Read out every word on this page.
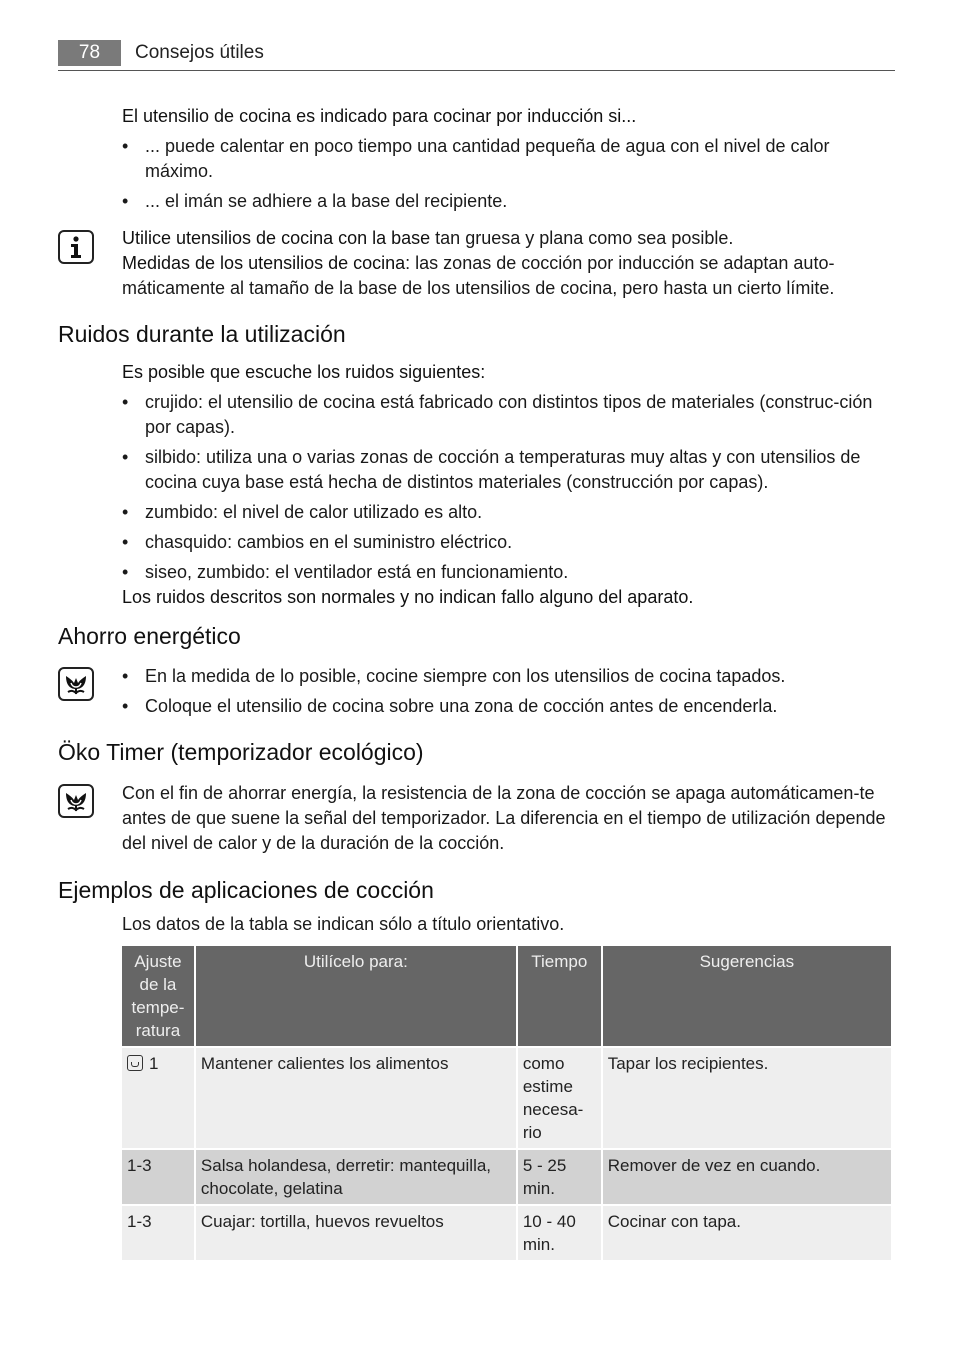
78	Consejos útiles
El utensilio de cocina es indicado para cocinar por inducción si...
• ... puede calentar en poco tiempo una cantidad pequeña de agua con el nivel de calor máximo.
• ... el imán se adhiere a la base del recipiente.
Utilice utensilios de cocina con la base tan gruesa y plana como sea posible.
Medidas de los utensilios de cocina: las zonas de cocción por inducción se adaptan auto-máticamente al tamaño de la base de los utensilios de cocina, pero hasta un cierto límite.
Ruidos durante la utilización
Es posible que escuche los ruidos siguientes:
• crujido: el utensilio de cocina está fabricado con distintos tipos de materiales (construc-ción por capas).
• silbido: utiliza una o varias zonas de cocción a temperaturas muy altas y con utensilios de cocina cuya base está hecha de distintos materiales (construcción por capas).
• zumbido: el nivel de calor utilizado es alto.
• chasquido: cambios en el suministro eléctrico.
• siseo, zumbido: el ventilador está en funcionamiento.
Los ruidos descritos son normales y no indican fallo alguno del aparato.
Ahorro energético
• En la medida de lo posible, cocine siempre con los utensilios de cocina tapados.
• Coloque el utensilio de cocina sobre una zona de cocción antes de encenderla.
Öko Timer (temporizador ecológico)
Con el fin de ahorrar energía, la resistencia de la zona de cocción se apaga automáticamen-te antes de que suene la señal del temporizador. La diferencia en el tiempo de utilización depende del nivel de calor y de la duración de la cocción.
Ejemplos de aplicaciones de cocción
Los datos de la tabla se indican sólo a título orientativo.
Ajuste de la tempe-ratura	Utilícelo para:	Tiempo	Sugerencias
1	Mantener calientes los alimentos	como estime necesa-rio	Tapar los recipientes.
1-3	Salsa holandesa, derretir: mantequilla, chocolate, gelatina	5 - 25 min.	Remover de vez en cuando.
1-3	Cuajar: tortilla, huevos revueltos	10 - 40 min.	Cocinar con tapa.
